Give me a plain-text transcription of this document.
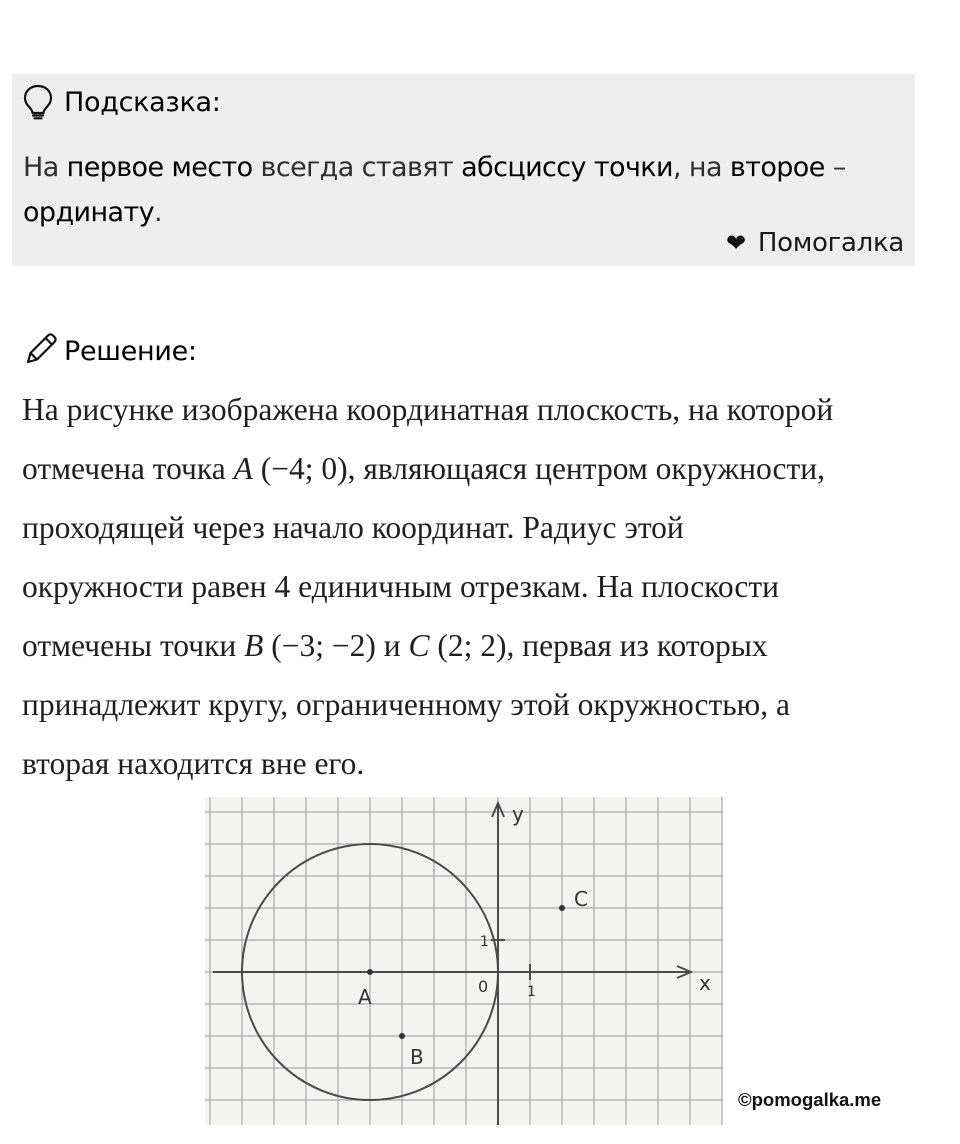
Подсказка:
На первое место всегда ставят абсциссу точки, на второе –
ординату.
❤ Помогалка
Решение:
На рисунке изображена координатная плоскость, на которой
отмечена точка A (−4; 0), являющаяся центром окружности,
проходящей через начало координат. Радиус этой
окружности равен 4 единичным отрезкам. На плоскости
отмечены точки B (−3; −2) и C (2; 2), первая из которых
принадлежит кругу, ограниченному этой окружностью, а
вторая находится вне его.
x
y
0	1
1
A
B
C
©pomogalka.me
